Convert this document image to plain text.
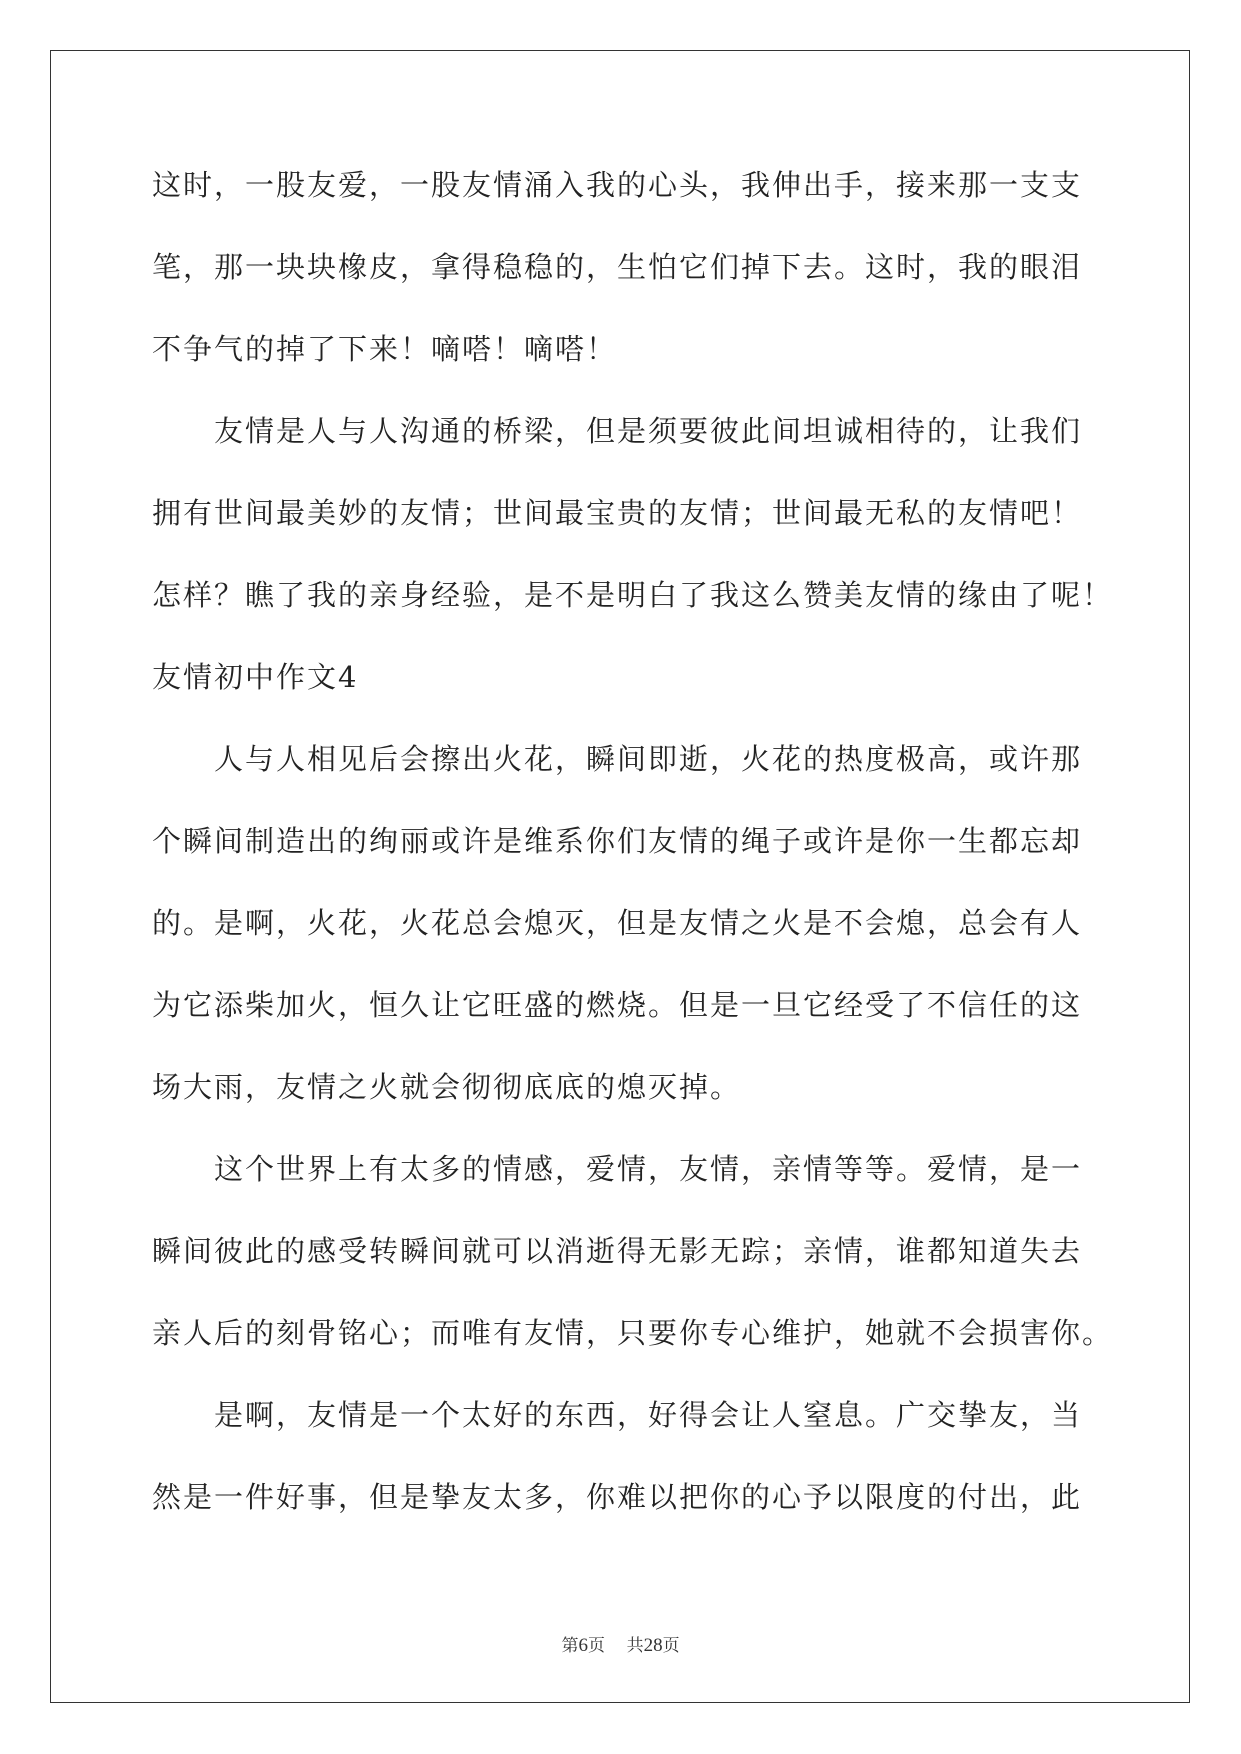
这时，一股友爱，一股友情涌入我的心头，我伸出手，接来那一支支
笔，那一块块橡皮，拿得稳稳的，生怕它们掉下去。这时，我的眼泪
不争气的掉了下来！嘀嗒！嘀嗒！
友情是人与人沟通的桥梁，但是须要彼此间坦诚相待的，让我们
拥有世间最美妙的友情；世间最宝贵的友情；世间最无私的友情吧！
怎样？瞧了我的亲身经验，是不是明白了我这么赞美友情的缘由了呢！
友情初中作文4
人与人相见后会擦出火花，瞬间即逝，火花的热度极高，或许那
个瞬间制造出的绚丽或许是维系你们友情的绳子或许是你一生都忘却
的。是啊，火花，火花总会熄灭，但是友情之火是不会熄，总会有人
为它添柴加火，恒久让它旺盛的燃烧。但是一旦它经受了不信任的这
场大雨，友情之火就会彻彻底底的熄灭掉。
这个世界上有太多的情感，爱情，友情，亲情等等。爱情，是一
瞬间彼此的感受转瞬间就可以消逝得无影无踪；亲情，谁都知道失去
亲人后的刻骨铭心；而唯有友情，只要你专心维护，她就不会损害你。
是啊，友情是一个太好的东西，好得会让人窒息。广交挚友，当
然是一件好事，但是挚友太多，你难以把你的心予以限度的付出，此
第6页 共28页
